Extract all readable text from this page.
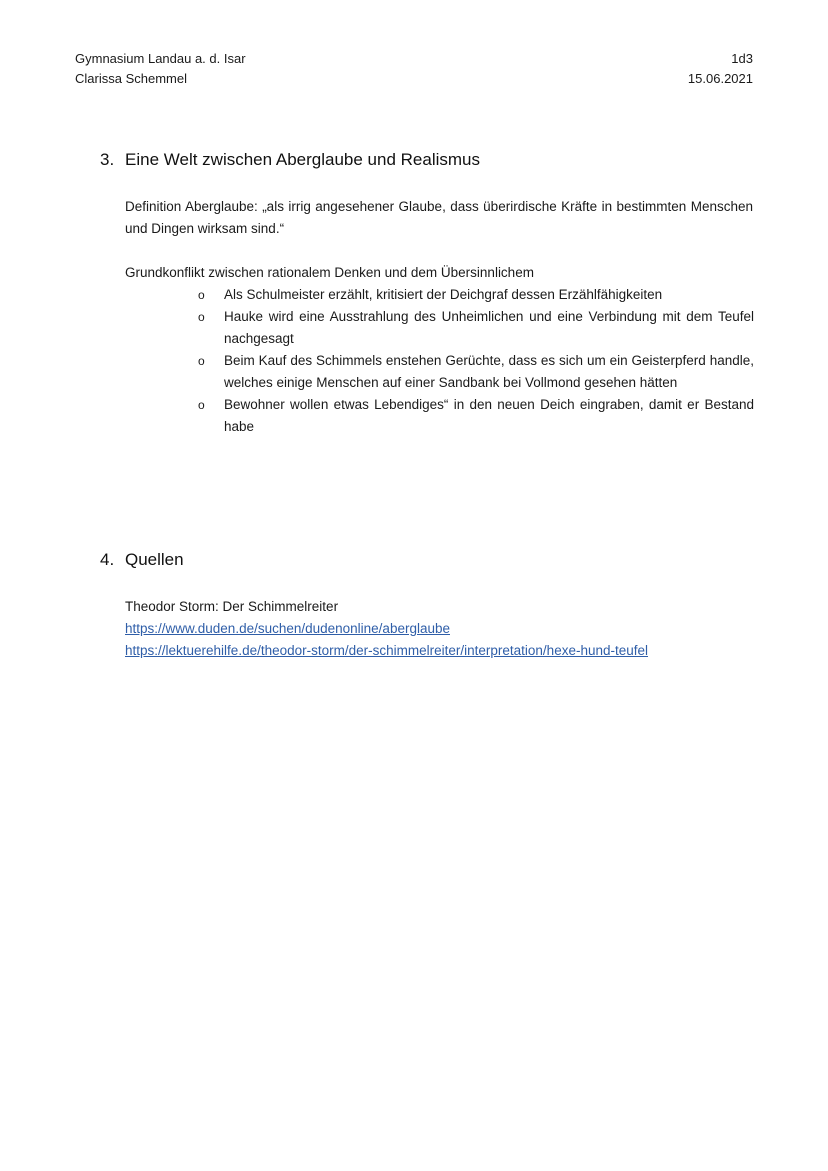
Gymnasium Landau a. d. Isar
Clarissa Schemmel
1d3
15.06.2021
3. Eine Welt zwischen Aberglaube und Realismus
Definition Aberglaube: „als irrig angesehener Glaube, dass überirdische Kräfte in bestimmten Menschen und Dingen wirksam sind.“
Grundkonflikt zwischen rationalem Denken und dem Übersinnlichem
o	Als Schulmeister erzählt, kritisiert der Deichgraf dessen Erzählfähigkeiten
o	Hauke wird eine Ausstrahlung des Unheimlichen und eine Verbindung mit dem Teufel nachgesagt
o	Beim Kauf des Schimmels enstehen Gerüchte, dass es sich um ein Geisterpferd handle, welches einige Menschen auf einer Sandbank bei Vollmond gesehen hätten
o	Bewohner wollen etwas Lebendiges“ in den neuen Deich eingraben, damit er Bestand habe
4. Quellen
Theodor Storm: Der Schimmelreiter
https://www.duden.de/suchen/dudenonline/aberglaube
https://lektuerehilfe.de/theodor-storm/der-schimmelreiter/interpretation/hexe-hund-teufel
